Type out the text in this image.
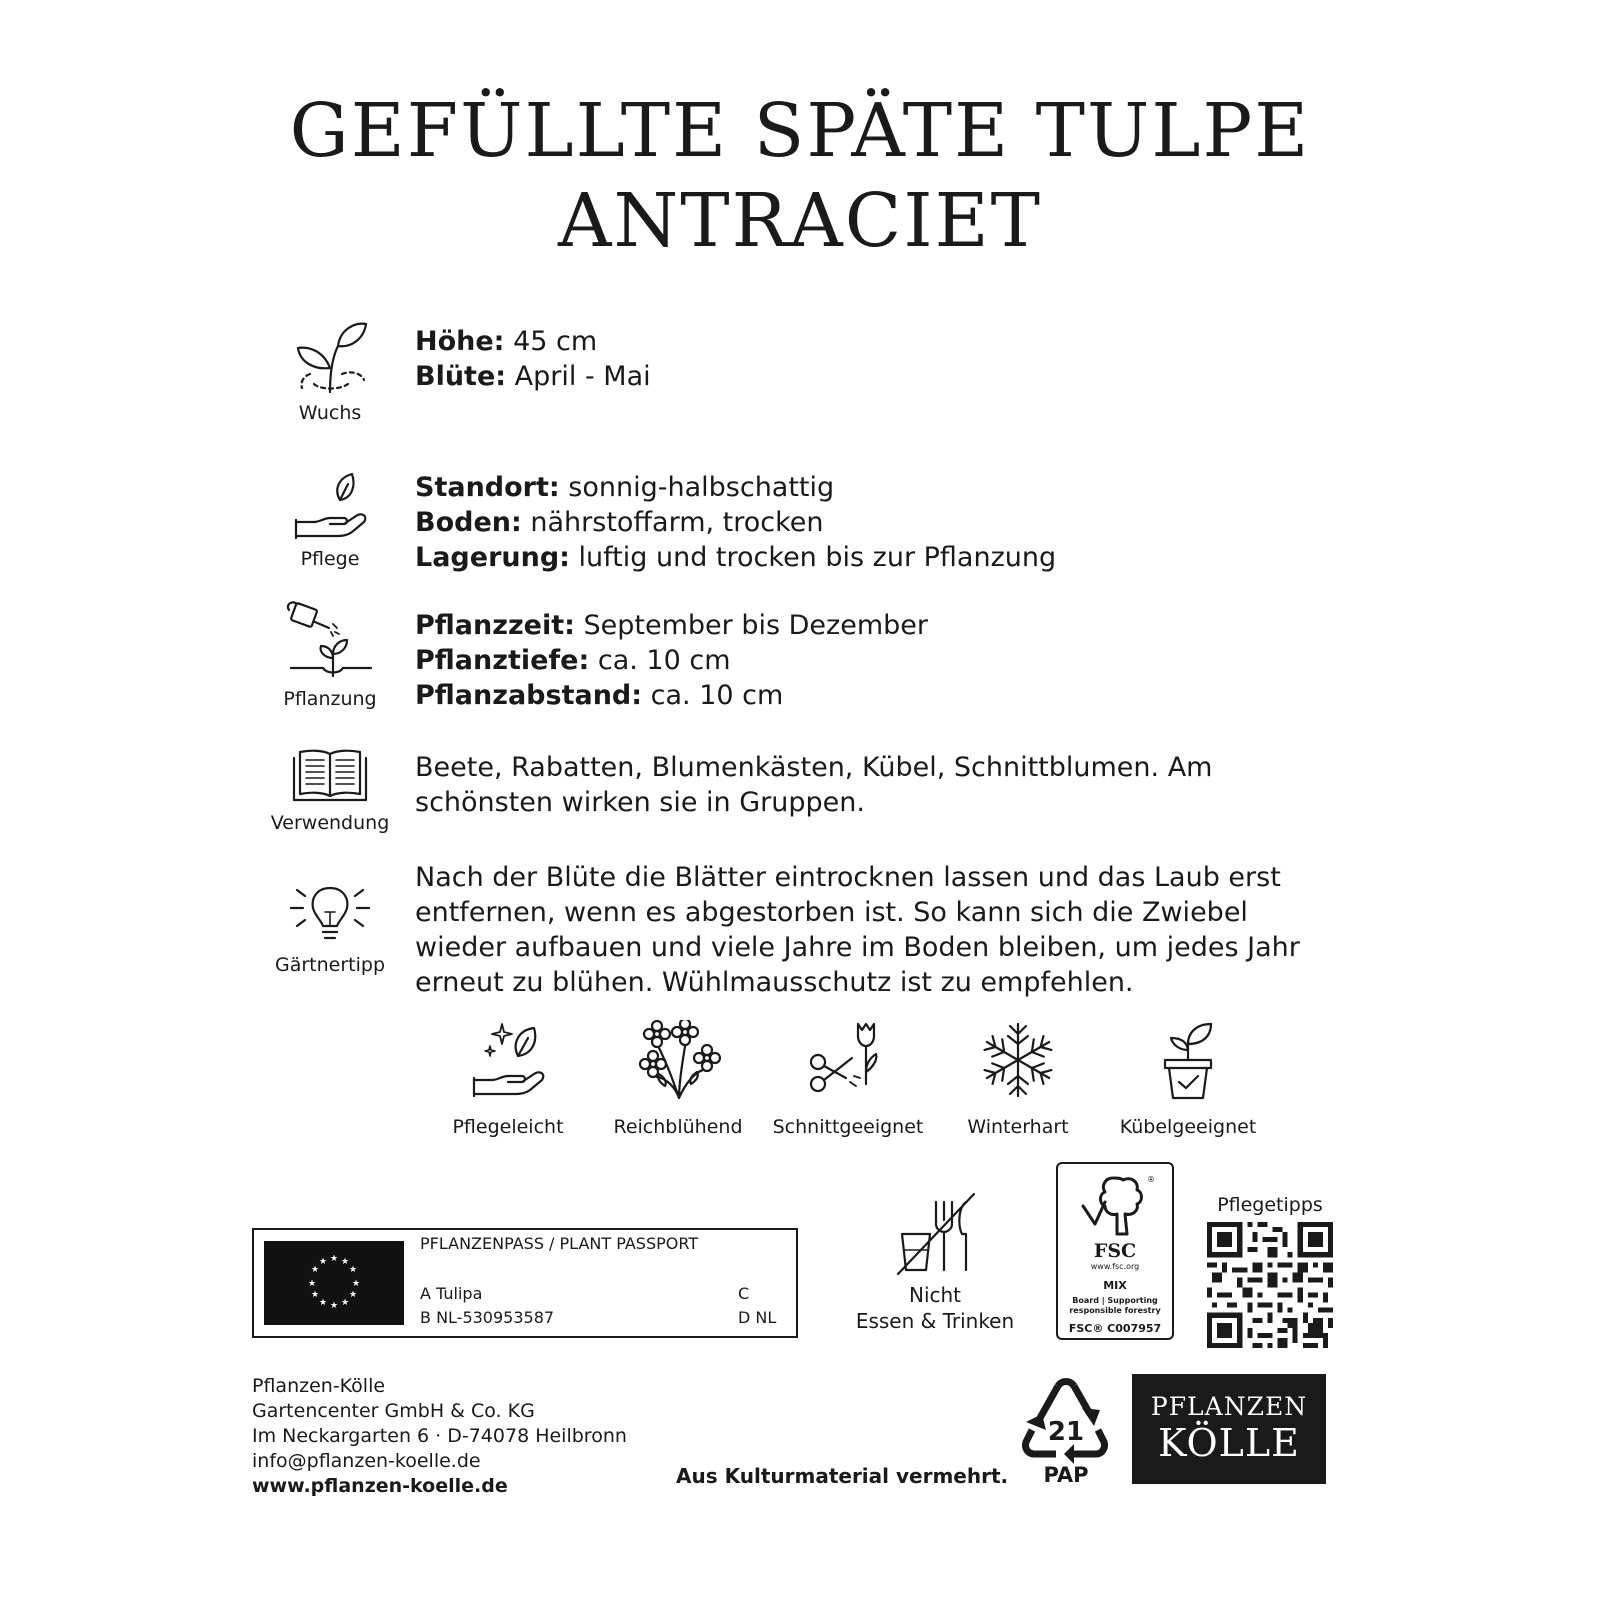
GEFÜLLTE SPÄTE TULPE
ANTRACIET
Wuchs
Höhe: 45 cm
Blüte: April - Mai
Pflege
Standort: sonnig-halbschattig
Boden: nährstoffarm, trocken
Lagerung: luftig und trocken bis zur Pflanzung
Pflanzung
Pflanzzeit: September bis Dezember
Pflanztiefe: ca. 10 cm
Pflanzabstand: ca. 10 cm
Verwendung
Beete, Rabatten, Blumenkästen, Kübel, Schnittblumen. Am schönsten wirken sie in Gruppen.
Gärtnertipp
Nach der Blüte die Blätter eintrocknen lassen und das Laub erst entfernen, wenn es abgestorben ist. So kann sich die Zwiebel wieder aufbauen und viele Jahre im Boden bleiben, um jedes Jahr erneut zu blühen. Wühlmausschutz ist zu empfehlen.
Pflegeleicht	Reichblühend	Schnittgeeignet	Winterhart	Kübelgeeignet
★ ★
★
★
★
★
★
★
★
★
★
★
PFLANZENPASS / PLANT PASSPORT
A Tulipa
B NL-530953587
C
D NL
Nicht
Essen & Trinken
®
FSC
www.fsc.org
MIX
Board | Supporting
responsible forestry
FSC® C007957
Pflegetipps
Pflanzen-Kölle
Gartencenter GmbH & Co. KG
Im Neckargarten 6 · D-74078 Heilbronn
info@pflanzen-koelle.de
www.pflanzen-koelle.de	Aus Kulturmaterial vermehrt.
21
PAP
PFLANZEN
KÖLLE
